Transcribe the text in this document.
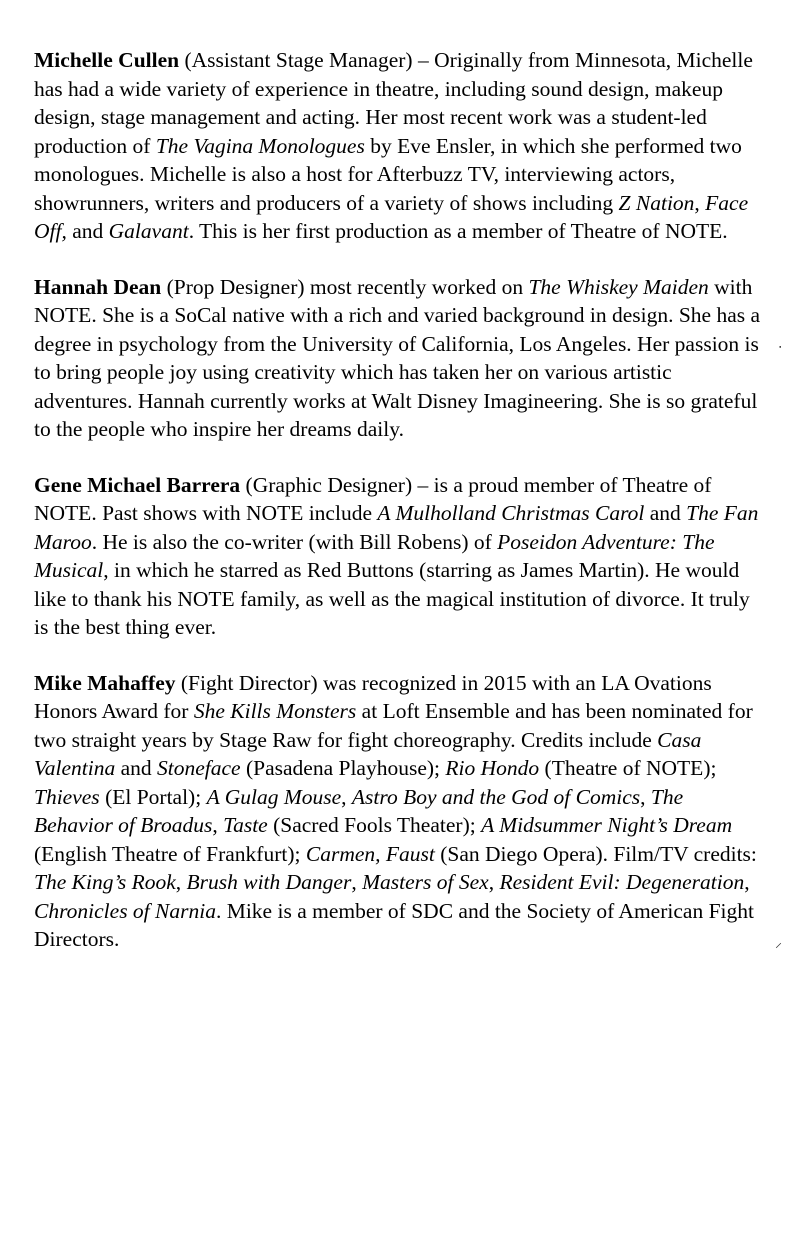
Michelle Cullen (Assistant Stage Manager) – Originally from Minnesota, Michelle has had a wide variety of experience in theatre, including sound design, makeup design, stage management and acting. Her most recent work was a student-led production of The Vagina Monologues by Eve Ensler, in which she performed two monologues. Michelle is also a host for Afterbuzz TV, interviewing actors, showrunners, writers and producers of a variety of shows including Z Nation, Face Off, and Galavant. This is her first production as a member of Theatre of NOTE.

Hannah Dean (Prop Designer) most recently worked on The Whiskey Maiden with NOTE. She is a SoCal native with a rich and varied background in design. She has a degree in psychology from the University of California, Los Angeles. Her passion is to bring people joy using creativity which has taken her on various artistic adventures. Hannah currently works at Walt Disney Imagineering. She is so grateful to the people who inspire her dreams daily.

Gene Michael Barrera (Graphic Designer) – is a proud member of Theatre of NOTE. Past shows with NOTE include A Mulholland Christmas Carol and The Fan Maroo. He is also the co-writer (with Bill Robens) of Poseidon Adventure: The Musical, in which he starred as Red Buttons (starring as James Martin). He would like to thank his NOTE family, as well as the magical institution of divorce. It truly is the best thing ever.

Mike Mahaffey (Fight Director) was recognized in 2015 with an LA Ovations Honors Award for She Kills Monsters at Loft Ensemble and has been nominated for two straight years by Stage Raw for fight choreography. Credits include Casa Valentina and Stoneface (Pasadena Playhouse); Rio Hondo (Theatre of NOTE); Thieves (El Portal); A Gulag Mouse, Astro Boy and the God of Comics, The Behavior of Broadus, Taste (Sacred Fools Theater); A Midsummer Night’s Dream (English Theatre of Frankfurt); Carmen, Faust (San Diego Opera). Film/TV credits: The King’s Rook, Brush with Danger, Masters of Sex, Resident Evil: Degeneration, Chronicles of Narnia. Mike is a member of SDC and the Society of American Fight Directors.

‧
⸝
